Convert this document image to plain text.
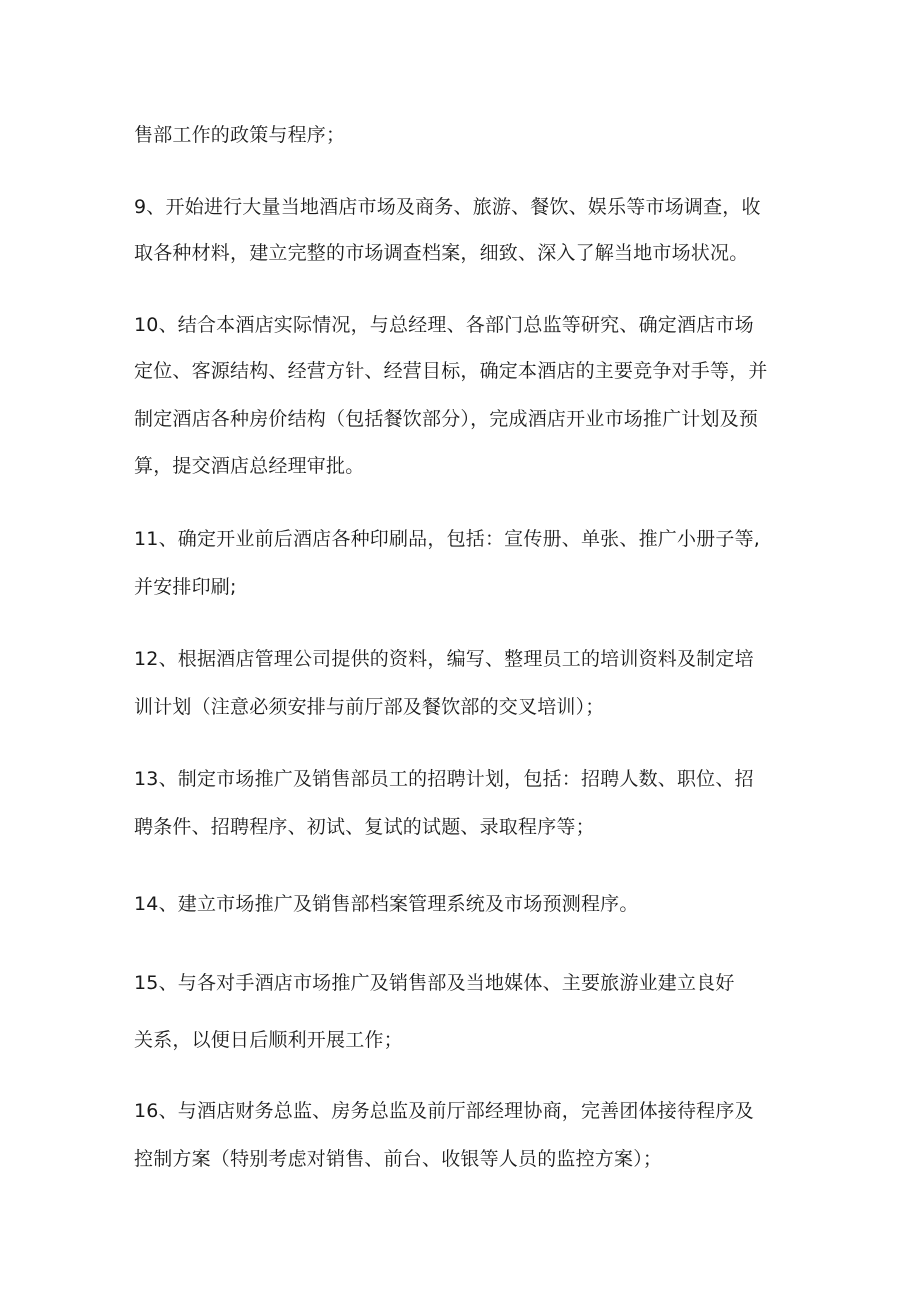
售部工作的政策与程序；
9、开始进行大量当地酒店市场及商务、旅游、餐饮、娱乐等市场调查，收
取各种材料，建立完整的市场调查档案，细致、深入了解当地市场状况。
10、结合本酒店实际情况，与总经理、各部门总监等研究、确定酒店市场
定位、客源结构、经营方针、经营目标，确定本酒店的主要竞争对手等，并
制定酒店各种房价结构（包括餐饮部分），完成酒店开业市场推广计划及预
算，提交酒店总经理审批。
11、确定开业前后酒店各种印刷品，包括：宣传册、单张、推广小册子等,
并安排印刷;
12、根据酒店管理公司提供的资料，编写、整理员工的培训资料及制定培
训计划（注意必须安排与前厅部及餐饮部的交叉培训）；
13、制定市场推广及销售部员工的招聘计划，包括：招聘人数、职位、招
聘条件、招聘程序、初试、复试的试题、录取程序等；
14、建立市场推广及销售部档案管理系统及市场预测程序。
15、与各对手酒店市场推广及销售部及当地媒体、主要旅游业建立良好
关系，以便日后顺利开展工作；
16、与酒店财务总监、房务总监及前厅部经理协商，完善团体接待程序及
控制方案（特别考虑对销售、前台、收银等人员的监控方案）；
